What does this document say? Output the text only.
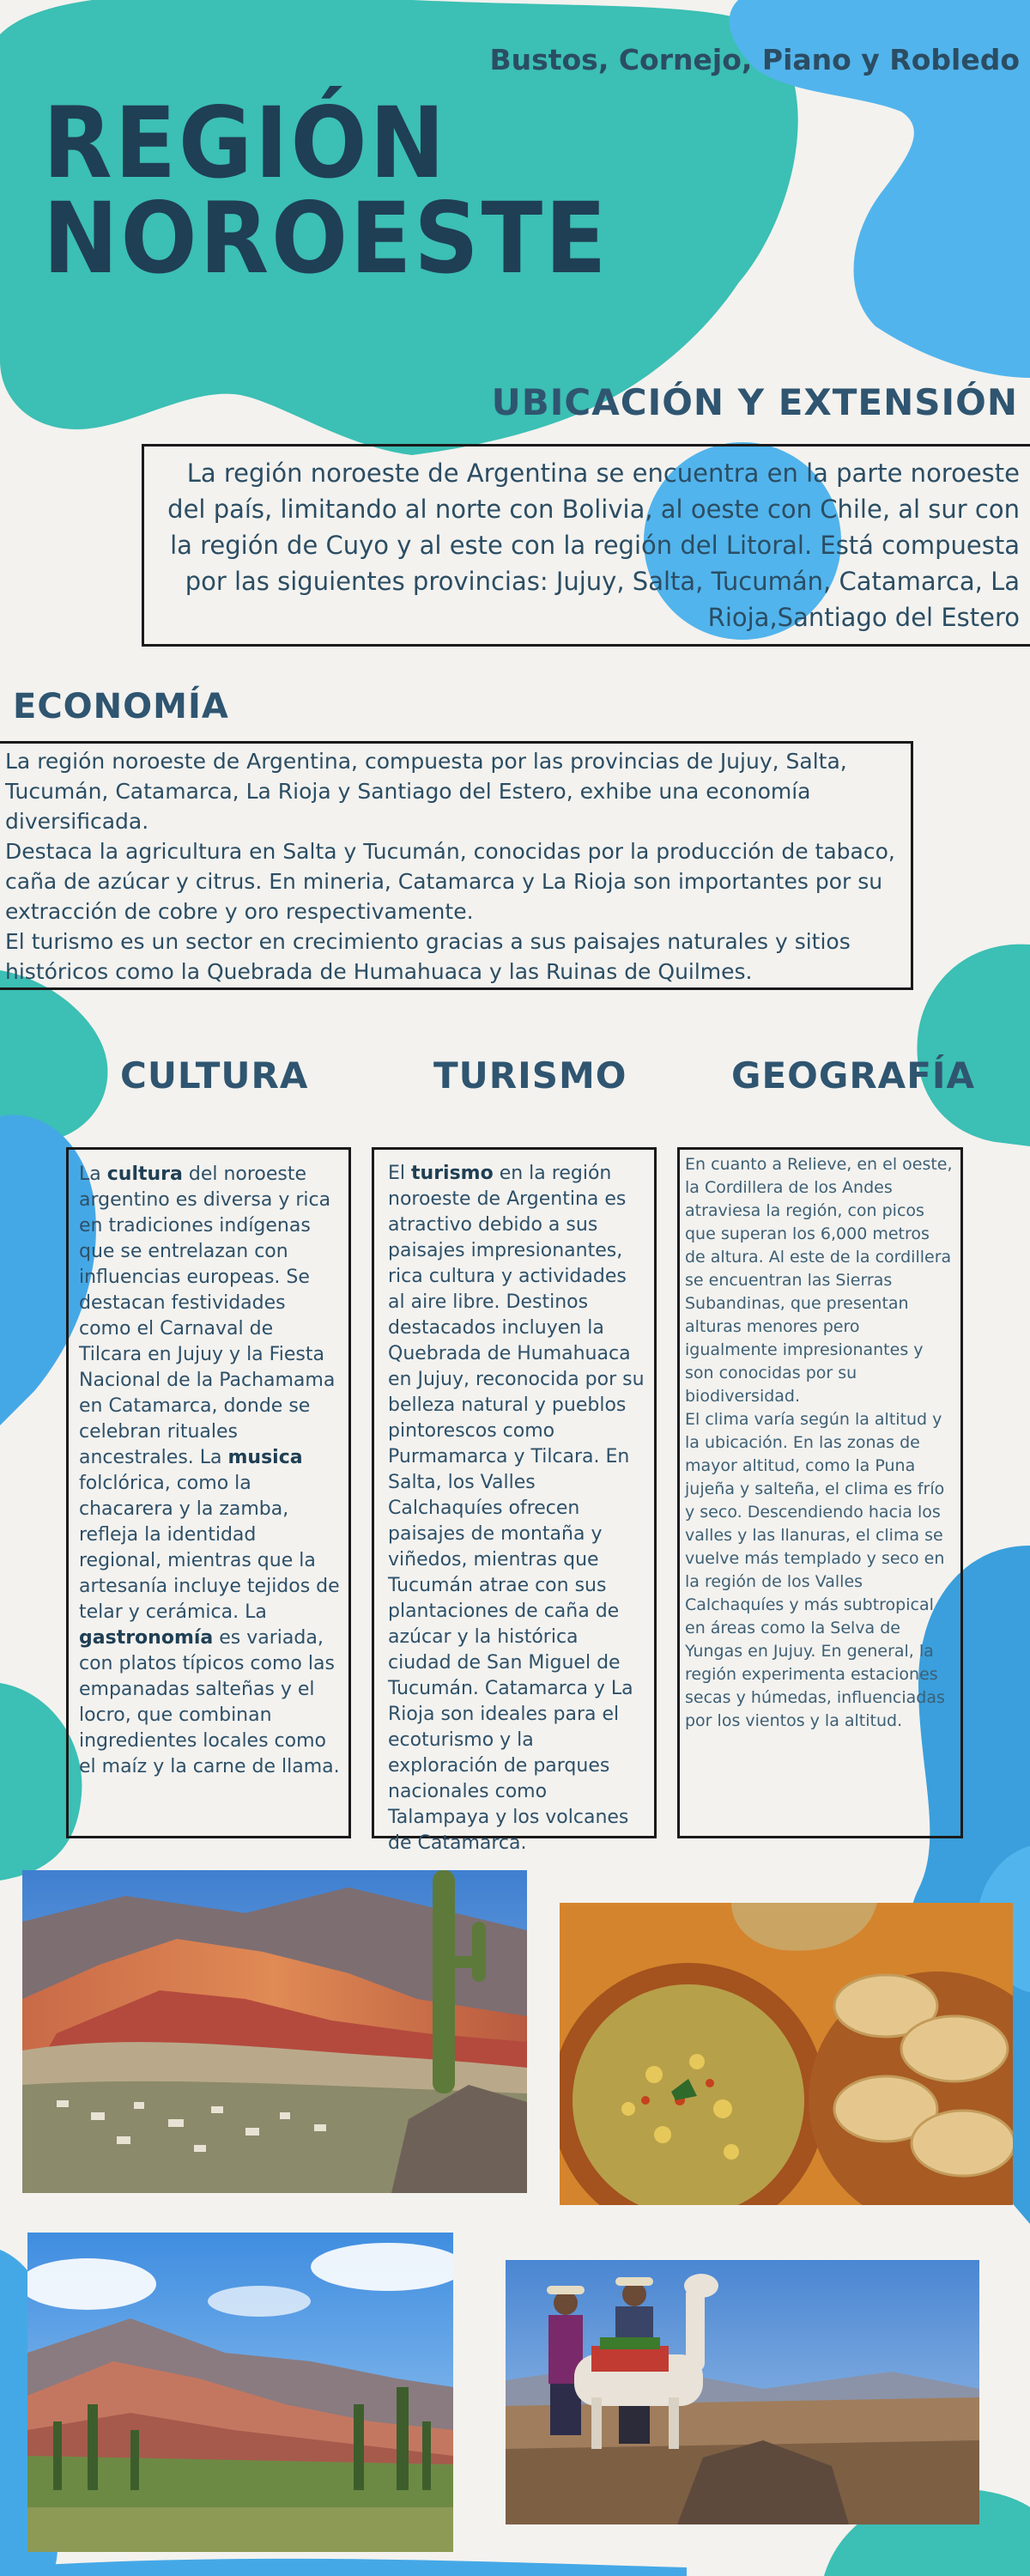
Bustos, Cornejo, Piano y Robledo
REGIÓN
NOROESTE
UBICACIÓN Y EXTENSIÓN

La región noroeste de Argentina se encuentra en la parte noroeste del país, limitando al norte con Bolivia, al oeste con Chile, al sur con la región de Cuyo y al este con la región del Litoral. Está compuesta por las siguientes provincias: Jujuy, Salta, Tucumán, Catamarca, La Rioja,Santiago del Estero

ECONOMÍA

La región noroeste de Argentina, compuesta por las provincias de Jujuy, Salta, Tucumán, Catamarca, La Rioja y Santiago del Estero, exhibe una economía diversificada.

Destaca la agricultura en Salta y Tucumán, conocidas por la producción de tabaco, caña de azúcar y citrus. En mineria, Catamarca y La Rioja son importantes por su extracción de cobre y oro respectivamente.

El turismo es un sector en crecimiento gracias a sus paisajes naturales y sitios históricos como la Quebrada de Humahuaca y las Ruinas de Quilmes.

CULTURA	TURISMO	GEOGRAFÍA

La cultura del noroeste argentino es diversa y rica en tradiciones indígenas que se entrelazan con influencias europeas. Se destacan festividades como el Carnaval de Tilcara en Jujuy y la Fiesta Nacional de la Pachamama en Catamarca, donde se celebran rituales ancestrales. La musica folclórica, como la chacarera y la zamba, refleja la identidad regional, mientras que la artesanía incluye tejidos de telar y cerámica. La gastronomía es variada, con platos típicos como las empanadas salteñas y el locro, que combinan ingredientes locales como el maíz y la carne de llama.

El turismo en la región noroeste de Argentina es atractivo debido a sus paisajes impresionantes, rica cultura y actividades al aire libre. Destinos destacados incluyen la Quebrada de Humahuaca en Jujuy, reconocida por su belleza natural y pueblos pintorescos como Purmamarca y Tilcara. En Salta, los Valles Calchaquíes ofrecen paisajes de montaña y viñedos, mientras que Tucumán atrae con sus plantaciones de caña de azúcar y la histórica ciudad de San Miguel de Tucumán. Catamarca y La Rioja son ideales para el ecoturismo y la exploración de parques nacionales como Talampaya y los volcanes de Catamarca.

En cuanto a Relieve, en el oeste, la Cordillera de los Andes atraviesa la región, con picos que superan los 6,000 metros de altura. Al este de la cordillera se encuentran las Sierras Subandinas, que presentan alturas menores pero igualmente impresionantes y son conocidas por su biodiversidad.

El clima varía según la altitud y la ubicación. En las zonas de mayor altitud, como la Puna jujeña y salteña, el clima es frío y seco. Descendiendo hacia los valles y las llanuras, el clima se vuelve más templado y seco en la región de los Valles Calchaquíes y más subtropical en áreas como la Selva de Yungas en Jujuy. En general, la región experimenta estaciones secas y húmedas, influenciadas por los vientos y la altitud.
